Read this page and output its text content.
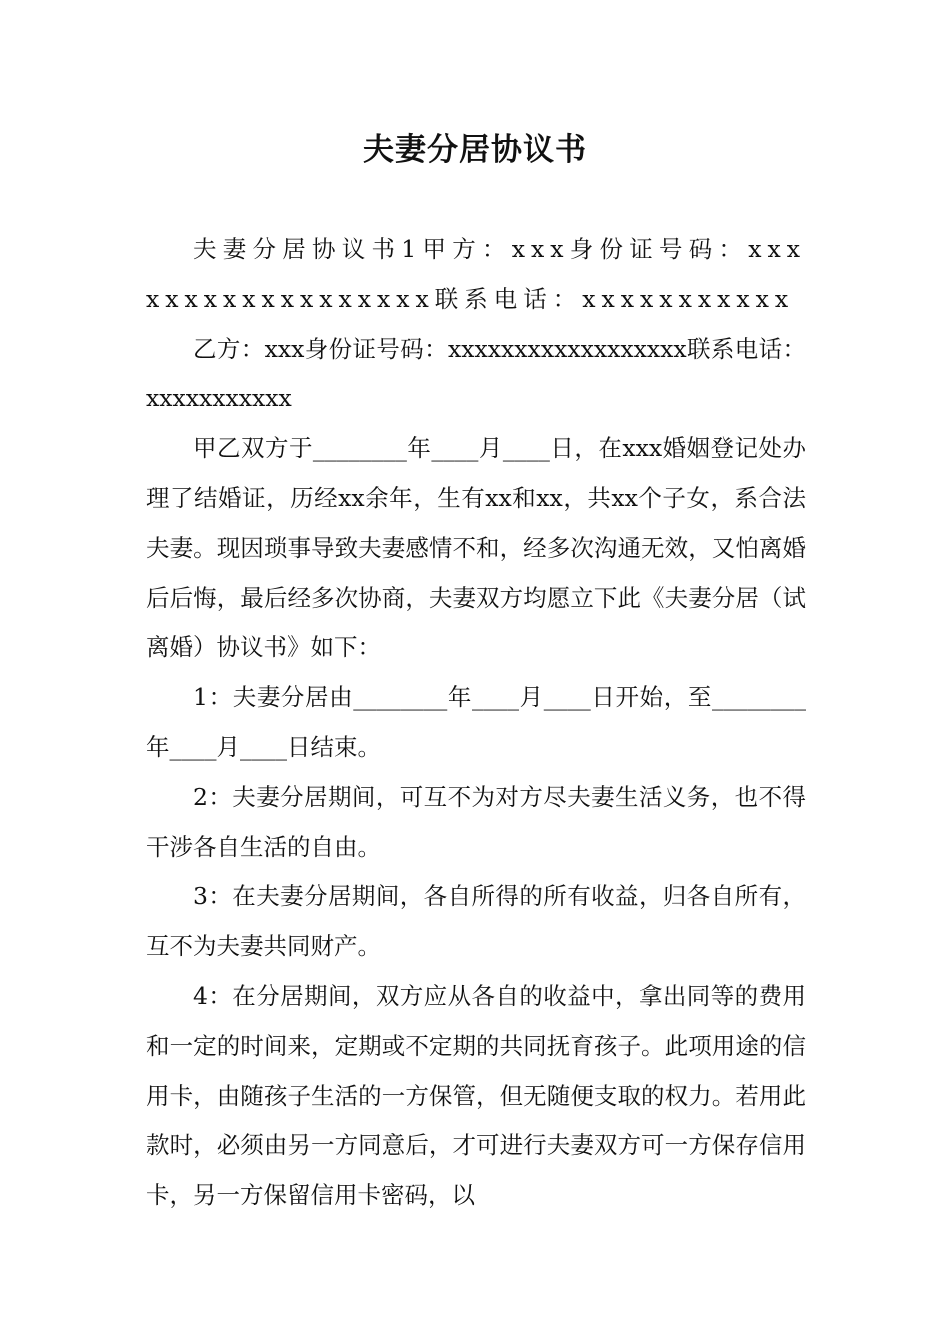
夫妻分居协议书

夫妻分居协议书1甲方：xxx身份证号码：xxxxxxxxxxxxxxxxxx联系电话：xxxxxxxxxxx

乙方：xxx身份证号码：xxxxxxxxxxxxxxxxxx联系电话：xxxxxxxxxxx

甲乙双方于________年____月____日，在xxx婚姻登记处办理了结婚证，历经xx余年，生有xx和xx，共xx个子女，系合法夫妻。现因琐事导致夫妻感情不和，经多次沟通无效，又怕离婚后后悔，最后经多次协商，夫妻双方均愿立下此《夫妻分居（试离婚）协议书》如下：

1：夫妻分居由________年____月____日开始，至________年____月____日结束。

2：夫妻分居期间，可互不为对方尽夫妻生活义务，也不得干涉各自生活的自由。

3：在夫妻分居期间，各自所得的所有收益，归各自所有，互不为夫妻共同财产。

4：在分居期间，双方应从各自的收益中，拿出同等的费用和一定的时间来，定期或不定期的共同抚育孩子。此项用途的信用卡，由随孩子生活的一方保管，但无随便支取的权力。若用此款时，必须由另一方同意后，才可进行夫妻双方可一方保存信用卡，另一方保留信用卡密码，以
